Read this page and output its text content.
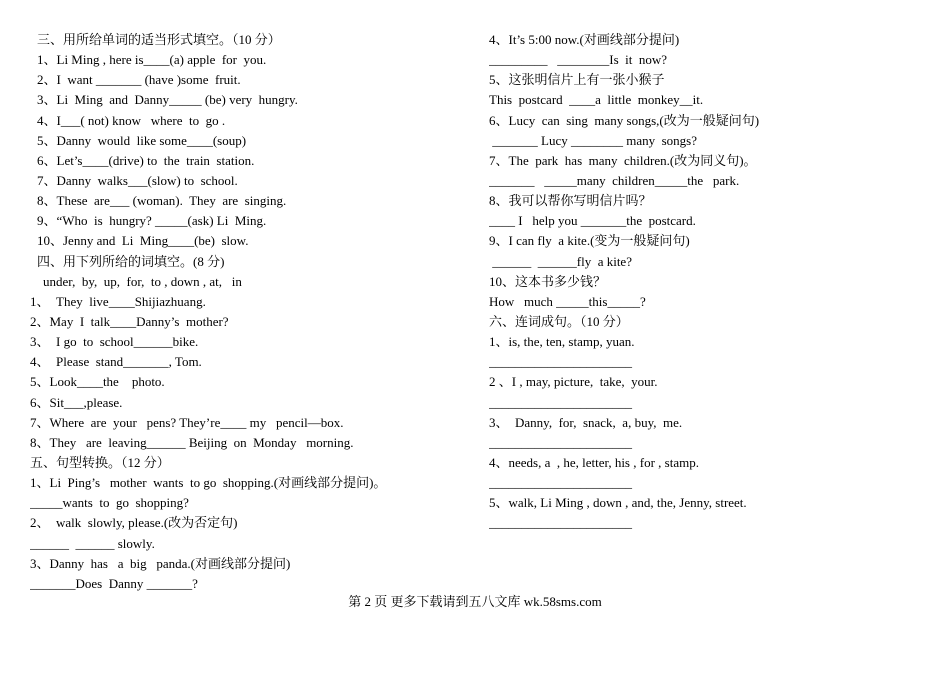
三、用所给单词的适当形式填空。（10 分）
1、Li Ming , here is____(a) apple  for  you.
2、I  want _______ (have )some  fruit.
3、Li  Ming  and  Danny_____ (be) very  hungry.
4、I___( not) know   where  to  go .
5、Danny  would  like some____(soup)
6、Let’s____(drive) to  the  train  station.
7、Danny  walks___(slow) to  school.
8、These  are___ (woman).  They  are  singing.
9、“Who  is  hungry? _____(ask) Li  Ming.
10、Jenny and  Li  Ming____(be)  slow.
四、用下列所给的词填空。(8 分)
under,  by,  up,  for,  to , down , at,   in
1、  They  live____Shijiazhuang.
2、May  I  talk____Danny’s  mother?
3、  I go  to  school______bike.
4、  Please  stand_______, Tom.
5、Look____the    photo.
6、Sit___,please.
7、Where  are  your   pens? They’re____ my   pencil—box.
8、They   are  leaving______ Beijing  on  Monday   morning.
五、句型转换。（12 分）
1、Li  Ping’s   mother  wants  to go  shopping.(对画线部分提问)。
_____wants  to  go  shopping?
2、  walk  slowly, please.(改为否定句)
______  ______ slowly.
3、Danny  has   a  big   panda.(对画线部分提问)
_______Does  Danny _______?
4、It’s 5:00 now.(对画线部分提问)
_________   ________Is  it  now?
5、这张明信片上有一张小猴子
This  postcard  ____a  little  monkey__it.
6、Lucy  can  sing  many songs,(改为一般疑问句)
_______ Lucy ________ many  songs?
7、The  park  has  many  children.(改为同义句)。
_______   _____many  children_____the   park.
8、我可以帮你写明信片吗？
____ I   help you _______the  postcard.
9、I can fly  a kite.(变为一般疑问句)
______  ______fly  a kite?
10、这本书多少钱？
How   much _____this_____?
六、连词成句。（10 分）
1、is, the, ten, stamp, yuan.
______________________
2 、I , may, picture,  take,  your.
______________________
3、  Danny,  for,  snack,  a, buy,  me.
______________________
4、needs, a  , he, letter, his , for , stamp.
______________________
5、walk, Li Ming , down , and, the, Jenny, street.
______________________
第 2 页 更多下载请到五八文库 wk.58sms.com
